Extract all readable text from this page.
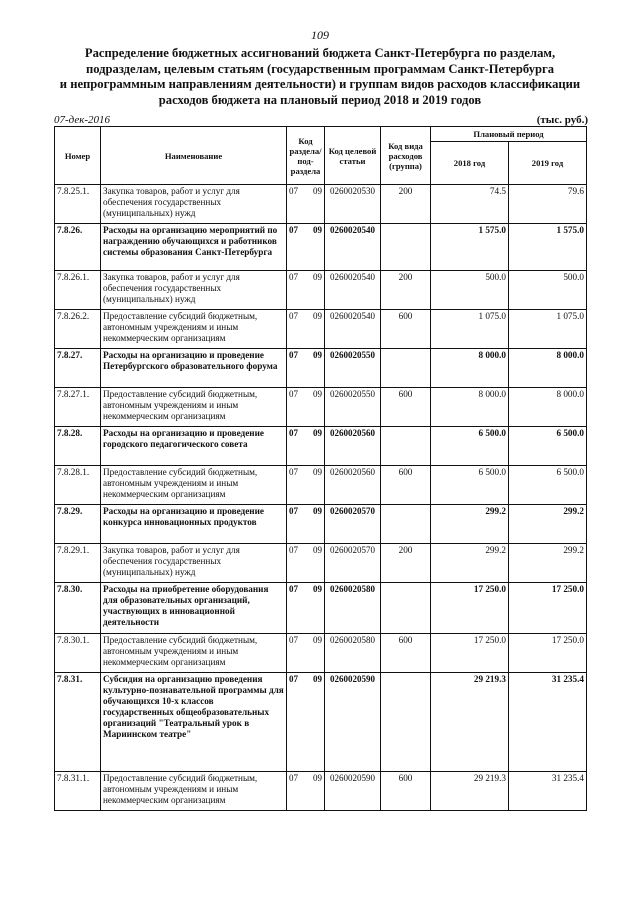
109
Распределение бюджетных ассигнований бюджета Санкт-Петербурга по разделам,
подразделам, целевым статьям (государственным программам Санкт-Петербурга
и непрограммным направлениям деятельности) и группам видов расходов классификации
расходов бюджета на плановый период 2018 и 2019 годов
07-дек-2016	(тыс. руб.)
Номер	Наименование	Код раздела/ под-раздела	Код целевой статьи	Код вида расходов (группа)	Плановый период	
					2018 год	2019 год
7.8.25.1.	Закупка товаров, работ и услуг для обеспечения государственных (муниципальных) нужд	07 09	0260020530	200	74.5	79.6
7.8.26.	Расходы на организацию мероприятий по награждению обучающихся и работников системы образования Санкт-Петербурга	07 09	0260020540		1 575.0	1 575.0
7.8.26.1.	Закупка товаров, работ и услуг для обеспечения государственных (муниципальных) нужд	07 09	0260020540	200	500.0	500.0
7.8.26.2.	Предоставление субсидий бюджетным, автономным учреждениям и иным некоммерческим организациям	07 09	0260020540	600	1 075.0	1 075.0
7.8.27.	Расходы на организацию и проведение Петербургского образовательного форума	07 09	0260020550		8 000.0	8 000.0
7.8.27.1.	Предоставление субсидий бюджетным, автономным учреждениям и иным некоммерческим организациям	07 09	0260020550	600	8 000.0	8 000.0
7.8.28.	Расходы на организацию и проведение городского педагогического совета	07 09	0260020560		6 500.0	6 500.0
7.8.28.1.	Предоставление субсидий бюджетным, автономным учреждениям и иным некоммерческим организациям	07 09	0260020560	600	6 500.0	6 500.0
7.8.29.	Расходы на организацию и проведение конкурса инновационных продуктов	07 09	0260020570		299.2	299.2
7.8.29.1.	Закупка товаров, работ и услуг для обеспечения государственных (муниципальных) нужд	07 09	0260020570	200	299.2	299.2
7.8.30.	Расходы на приобретение оборудования для образовательных организаций, участвующих в инновационной деятельности	07 09	0260020580		17 250.0	17 250.0
7.8.30.1.	Предоставление субсидий бюджетным, автономным учреждениям и иным некоммерческим организациям	07 09	0260020580	600	17 250.0	17 250.0
7.8.31.	Субсидия на организацию проведения культурно-познавательной программы для обучающихся 10-х классов государственных общеобразовательных организаций "Театральный урок в Мариинском театре"	07 09	0260020590		29 219.3	31 235.4
7.8.31.1.	Предоставление субсидий бюджетным, автономным учреждениям и иным некоммерческим организациям	07 09	0260020590	600	29 219.3	31 235.4
